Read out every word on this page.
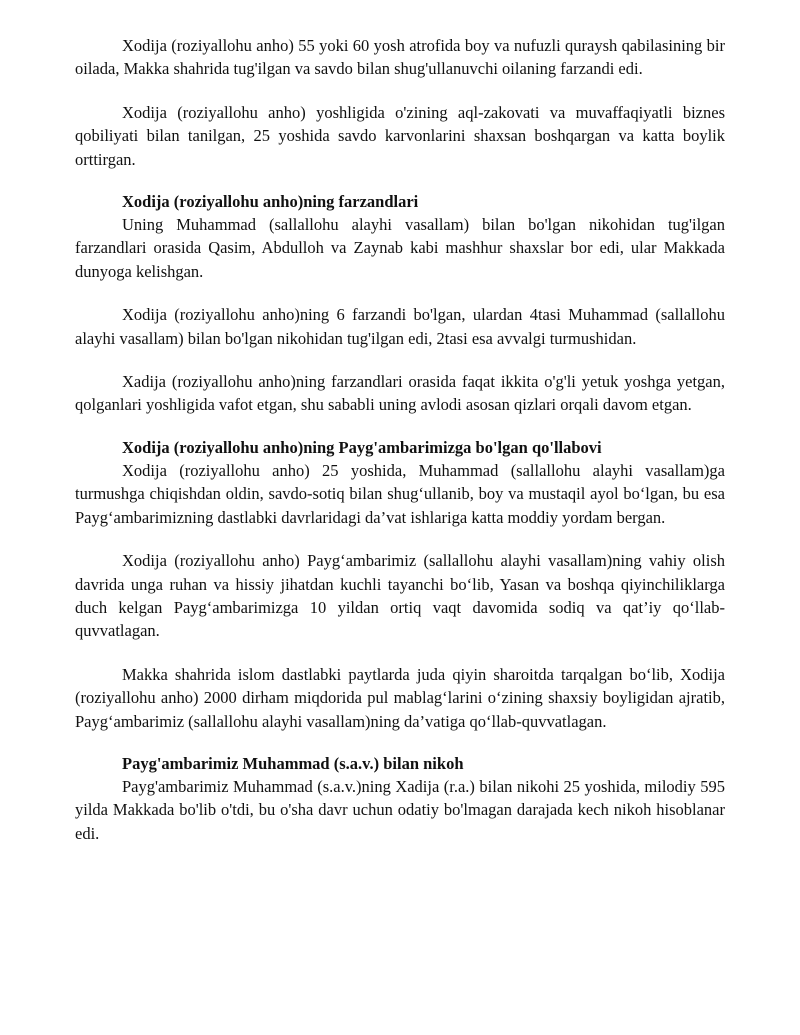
Xodija (roziyallohu anho) 55 yoki 60 yosh atrofida boy va nufuzli quraysh qabilasining bir oilada, Makka shahrida tug'ilgan va savdo bilan shug'ullanuvchi oilaning farzandi edi.

Xodija (roziyallohu anho) yoshligida o'zining aql-zakovati va muvaffaqiyatli biznes qobiliyati bilan tanilgan, 25 yoshida savdo karvonlarini shaxsan boshqargan va katta boylik orttirgan.

Xodija (roziyallohu anho)ning farzandlari

Uning Muhammad (sallallohu alayhi vasallam) bilan bo'lgan nikohidan tug'ilgan farzandlari orasida Qasim, Abdulloh va Zaynab kabi mashhur shaxslar bor edi, ular Makkada dunyoga kelishgan.

Xodija (roziyallohu anho)ning 6 farzandi bo'lgan, ulardan 4tasi Muhammad (sallallohu alayhi vasallam) bilan bo'lgan nikohidan tug'ilgan edi, 2tasi esa avvalgi turmushidan.

Xadija (roziyallohu anho)ning farzandlari orasida faqat ikkita o'g'li yetuk yoshga yetgan, qolganlari yoshligida vafot etgan, shu sababli uning avlodi asosan qizlari orqali davom etgan.

Xodija (roziyallohu anho)ning Payg'ambarimizga bo'lgan qo'llabovi

Xodija (roziyallohu anho) 25 yoshida, Muhammad (sallallohu alayhi vasallam)ga turmushga chiqishdan oldin, savdo-sotiq bilan shug‘ullanib, boy va mustaqil ayol bo‘lgan, bu esa Payg‘ambarimizning dastlabki davrlaridagi da’vat ishlariga katta moddiy yordam bergan.

Xodija (roziyallohu anho) Payg‘ambarimiz (sallallohu alayhi vasallam)ning vahiy olish davrida unga ruhan va hissiy jihatdan kuchli tayanchi bo‘lib, Yasan va boshqa qiyinchiliklarga duch kelgan Payg‘ambarimizga 10 yildan ortiq vaqt davomida sodiq va qat’iy qo‘llab-quvvatlagan.

Makka shahrida islom dastlabki paytlarda juda qiyin sharoitda tarqalgan bo‘lib, Xodija (roziyallohu anho) 2000 dirham miqdorida pul mablag‘larini o‘zining shaxsiy boyligidan ajratib, Payg‘ambarimiz (sallallohu alayhi vasallam)ning da’vatiga qo‘llab-quvvatlagan.

Payg'ambarimiz Muhammad (s.a.v.) bilan nikoh

Payg'ambarimiz Muhammad (s.a.v.)ning Xadija (r.a.) bilan nikohi 25 yoshida, milodiy 595 yilda Makkada bo'lib o'tdi, bu o'sha davr uchun odatiy bo'lmagan darajada kech nikoh hisoblanar edi.
